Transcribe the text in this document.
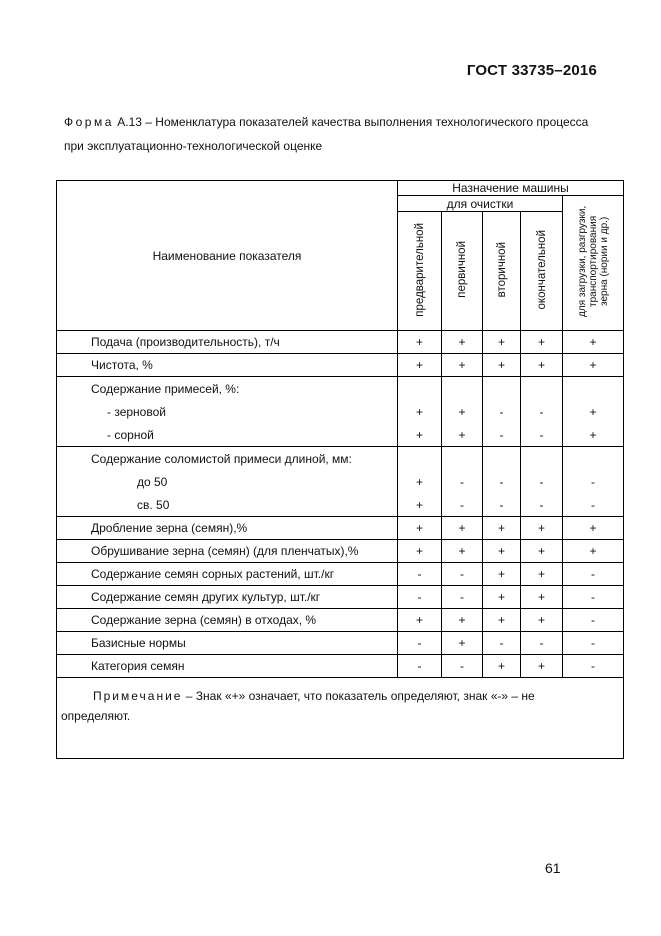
ГОСТ 33735–2016
Форма А.13 – Номенклатура показателей качества выполнения технологического процесса при эксплуатационно-технологической оценке
Наименование показателя	Назначение машины				
	для очистки				для загрузки, разгрузки, транспортирования зерна (нории и др.)
	предварительной	первичной	вторичной	окончательной	
Подача (производительность), т/ч	+	+	+	+	+
Чистота, %	+	+	+	+	+
Содержание примесей, %:					
- зерновой	+	+	-	-	+
- сорной	+	+	-	-	+
Содержание соломистой примеси длиной, мм:					
до 50	+	-	-	-	-
св. 50	+	-	-	-	-
Дробление зерна (семян),%	+	+	+	+	+
Обрушивание зерна (семян) (для пленчатых),%	+	+	+	+	+
Содержание семян сорных растений, шт./кг	-	-	+	+	-
Содержание семян других культур, шт./кг	-	-	+	+	-
Содержание зерна (семян) в отходах, %	+	+	+	+	-
Базисные нормы	-	+	-	-	-
Категория семян	-	-	+	+	-
Примечание – Знак «+» означает, что показатель определяют, знак «-» – не определяют.					
61
